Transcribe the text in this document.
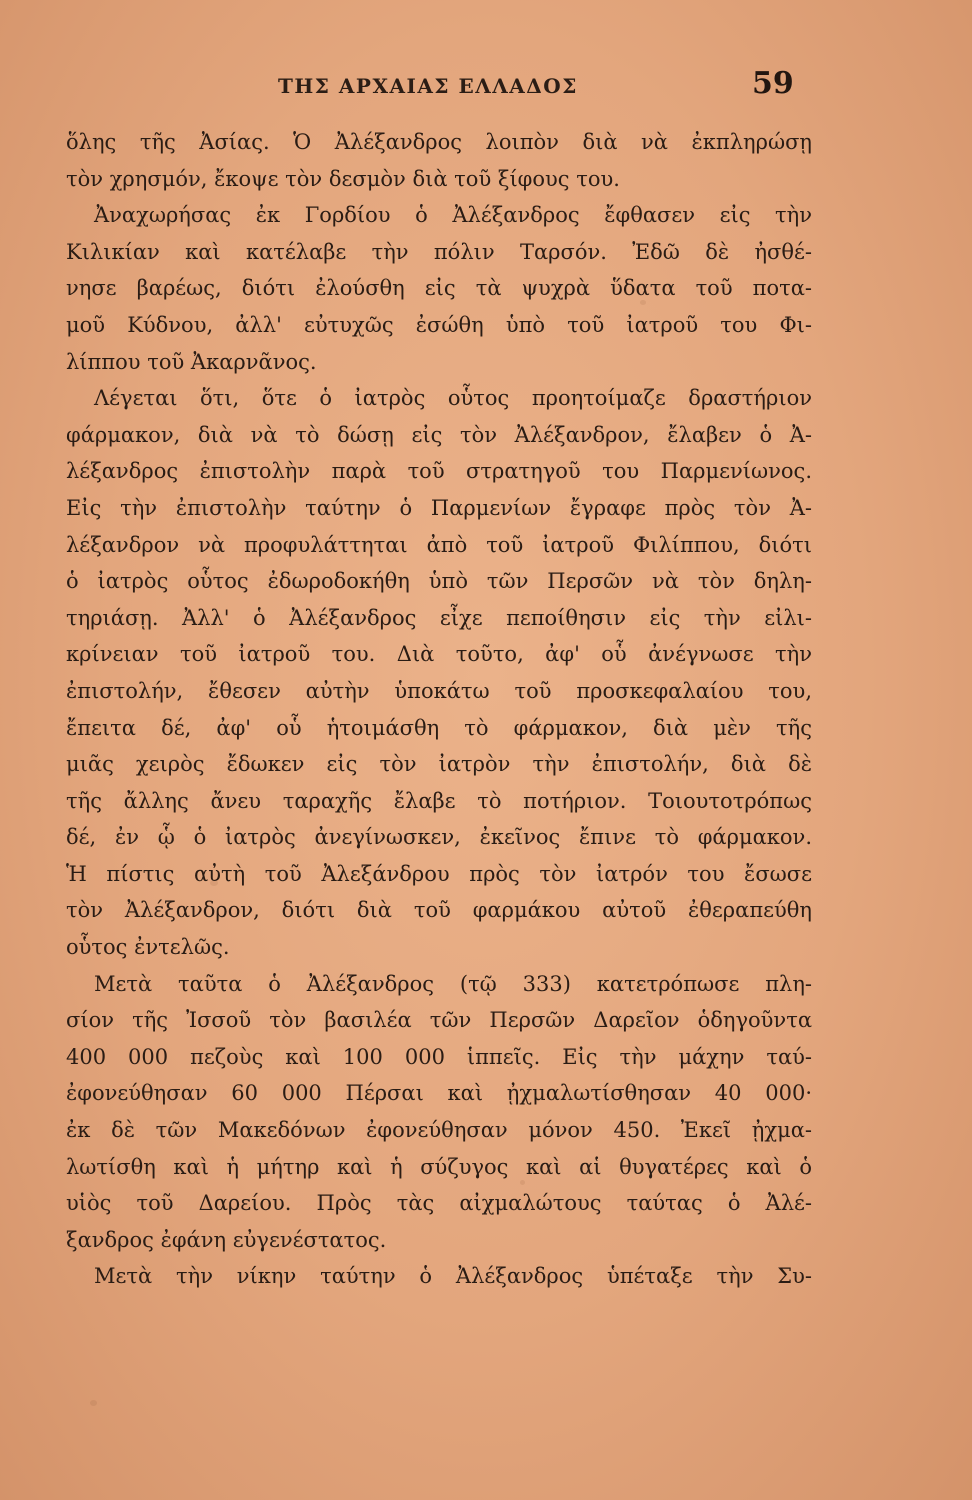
ΤΗΣ ΑΡΧΑΙΑΣ ΕΛΛΑΔΟΣ	59
ὅλης τῆς Ἀσίας. Ὁ Ἀλέξανδρος λοιπὸν διὰ νὰ ἐκπληρώσῃ
τὸν χρησμόν, ἔκοψε τὸν δεσμὸν διὰ τοῦ ξίφους του.
Ἀναχωρήσας ἐκ Γορδίου ὁ Ἀλέξανδρος ἔφθασεν εἰς τὴν
Κιλικίαν καὶ κατέλαβε τὴν πόλιν Ταρσόν. Ἐδῶ δὲ ἠσθέ-
νησε βαρέως, διότι ἐλούσθη εἰς τὰ ψυχρὰ ὕδατα τοῦ ποτα-
μοῦ Κύδνου, ἀλλ' εὐτυχῶς ἐσώθη ὑπὸ τοῦ ἰατροῦ του Φι-
λίππου τοῦ Ἀκαρνᾶνος.
Λέγεται ὅτι, ὅτε ὁ ἰατρὸς οὗτος προητοίμαζε δραστήριον
φάρμακον, διὰ νὰ τὸ δώσῃ εἰς τὸν Ἀλέξανδρον, ἔλαβεν ὁ Ἀ-
λέξανδρος ἐπιστολὴν παρὰ τοῦ στρατηγοῦ του Παρμενίωνος.
Εἰς τὴν ἐπιστολὴν ταύτην ὁ Παρμενίων ἔγραφε πρὸς τὸν Ἀ-
λέξανδρον νὰ προφυλάττηται ἀπὸ τοῦ ἰατροῦ Φιλίππου, διότι
ὁ ἰατρὸς οὗτος ἐδωροδοκήθη ὑπὸ τῶν Περσῶν νὰ τὸν δηλη-
τηριάσῃ. Ἀλλ' ὁ Ἀλέξανδρος εἶχε πεποίθησιν εἰς τὴν εἰλι-
κρίνειαν τοῦ ἰατροῦ του. Διὰ τοῦτο, ἀφ' οὗ ἀνέγνωσε τὴν
ἐπιστολήν, ἔθεσεν αὐτὴν ὑποκάτω τοῦ προσκεφαλαίου του,
ἔπειτα δέ, ἀφ' οὗ ἡτοιμάσθη τὸ φάρμακον, διὰ μὲν τῆς
μιᾶς χειρὸς ἔδωκεν εἰς τὸν ἰατρὸν τὴν ἐπιστολήν, διὰ δὲ
τῆς ἄλλης ἄνευ ταραχῆς ἔλαβε τὸ ποτήριον. Τοιουτοτρόπως
δέ, ἐν ᾧ ὁ ἰατρὸς ἀνεγίνωσκεν, ἐκεῖνος ἔπινε τὸ φάρμακον.
Ἡ πίστις αὐτὴ τοῦ Ἀλεξάνδρου πρὸς τὸν ἰατρόν του ἔσωσε
τὸν Ἀλέξανδρον, διότι διὰ τοῦ φαρμάκου αὐτοῦ ἐθεραπεύθη
οὗτος ἐντελῶς.
Μετὰ ταῦτα ὁ Ἀλέξανδρος (τῷ 333) κατετρόπωσε πλη-
σίον τῆς Ἰσσοῦ τὸν βασιλέα τῶν Περσῶν Δαρεῖον ὁδηγοῦντα
400 000 πεζοὺς καὶ 100 000 ἱππεῖς. Εἰς τὴν μάχην ταύ-
ἐφονεύθησαν 60 000 Πέρσαι καὶ ᾐχμαλωτίσθησαν 40 000·
ἐκ δὲ τῶν Μακεδόνων ἐφονεύθησαν μόνον 450. Ἐκεῖ ᾐχμα-
λωτίσθη καὶ ἡ μήτηρ καὶ ἡ σύζυγος καὶ αἱ θυγατέρες καὶ ὁ
υἱὸς τοῦ Δαρείου. Πρὸς τὰς αἰχμαλώτους ταύτας ὁ Ἀλέ-
ξανδρος ἐφάνη εὐγενέστατος.
Μετὰ τὴν νίκην ταύτην ὁ Ἀλέξανδρος ὑπέταξε τὴν Συ-
